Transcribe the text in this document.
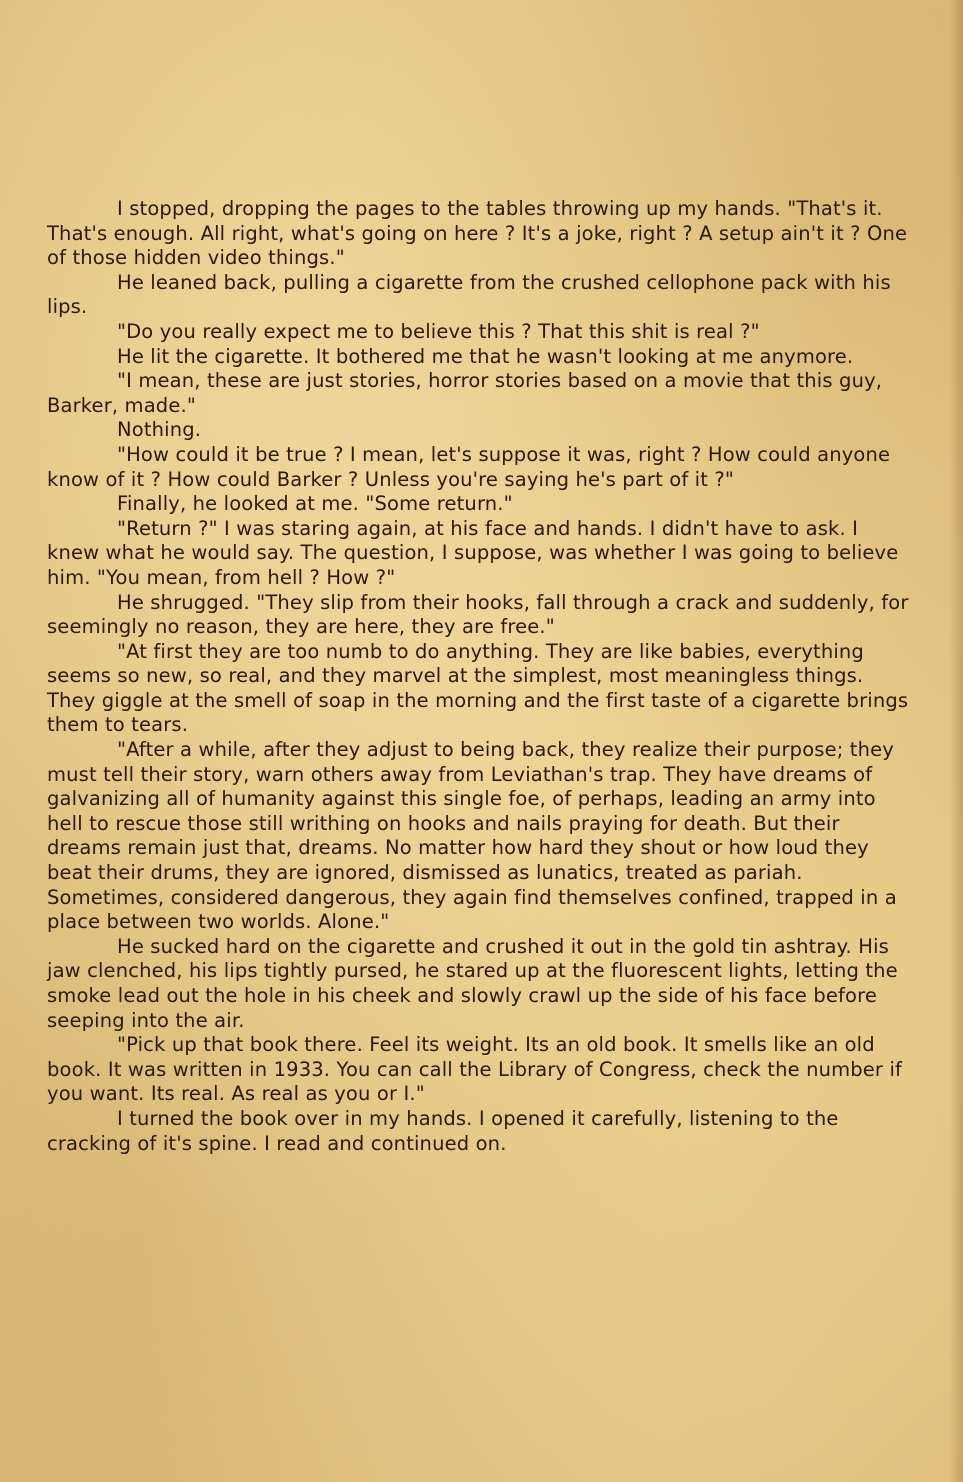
I stopped, dropping the pages to the tables throwing up my hands. "That's it. That's enough. All right, what's going on here ? It's a joke, right ? A setup ain't it ? One of those hidden video things."

He leaned back, pulling a cigarette from the crushed cellophone pack with his lips.

"Do you really expect me to believe this ? That this shit is real ?"

He lit the cigarette. It bothered me that he wasn't looking at me anymore.

"I mean, these are just stories, horror stories based on a movie that this guy, Barker, made."

Nothing.

"How could it be true ? I mean, let's suppose it was, right ? How could anyone know of it ? How could Barker ? Unless you're saying he's part of it ?"

Finally, he looked at me. "Some return."

"Return ?" I was staring again, at his face and hands. I didn't have to ask. I knew what he would say. The question, I suppose, was whether I was going to believe him. "You mean, from hell ? How ?"

He shrugged. "They slip from their hooks, fall through a crack and suddenly, for seemingly no reason, they are here, they are free."

"At first they are too numb to do anything. They are like babies, everything seems so new, so real, and they marvel at the simplest, most meaningless things. They giggle at the smell of soap in the morning and the first taste of a cigarette brings them to tears.

"After a while, after they adjust to being back, they realize their purpose; they must tell their story, warn others away from Leviathan's trap. They have dreams of galvanizing all of humanity against this single foe, of perhaps, leading an army into hell to rescue those still writhing on hooks and nails praying for death. But their dreams remain just that, dreams. No matter how hard they shout or how loud they beat their drums, they are ignored, dismissed as lunatics, treated as pariah. Sometimes, considered dangerous, they again find themselves confined, trapped in a place between two worlds. Alone."

He sucked hard on the cigarette and crushed it out in the gold tin ashtray. His jaw clenched, his lips tightly pursed, he stared up at the fluorescent lights, letting the smoke lead out the hole in his cheek and slowly crawl up the side of his face before seeping into the air.

"Pick up that book there. Feel its weight. Its an old book. It smells like an old book. It was written in 1933. You can call the Library of Congress, check the number if you want. Its real. As real as you or I."

I turned the book over in my hands. I opened it carefully, listening to the cracking of it's spine. I read and continued on.
